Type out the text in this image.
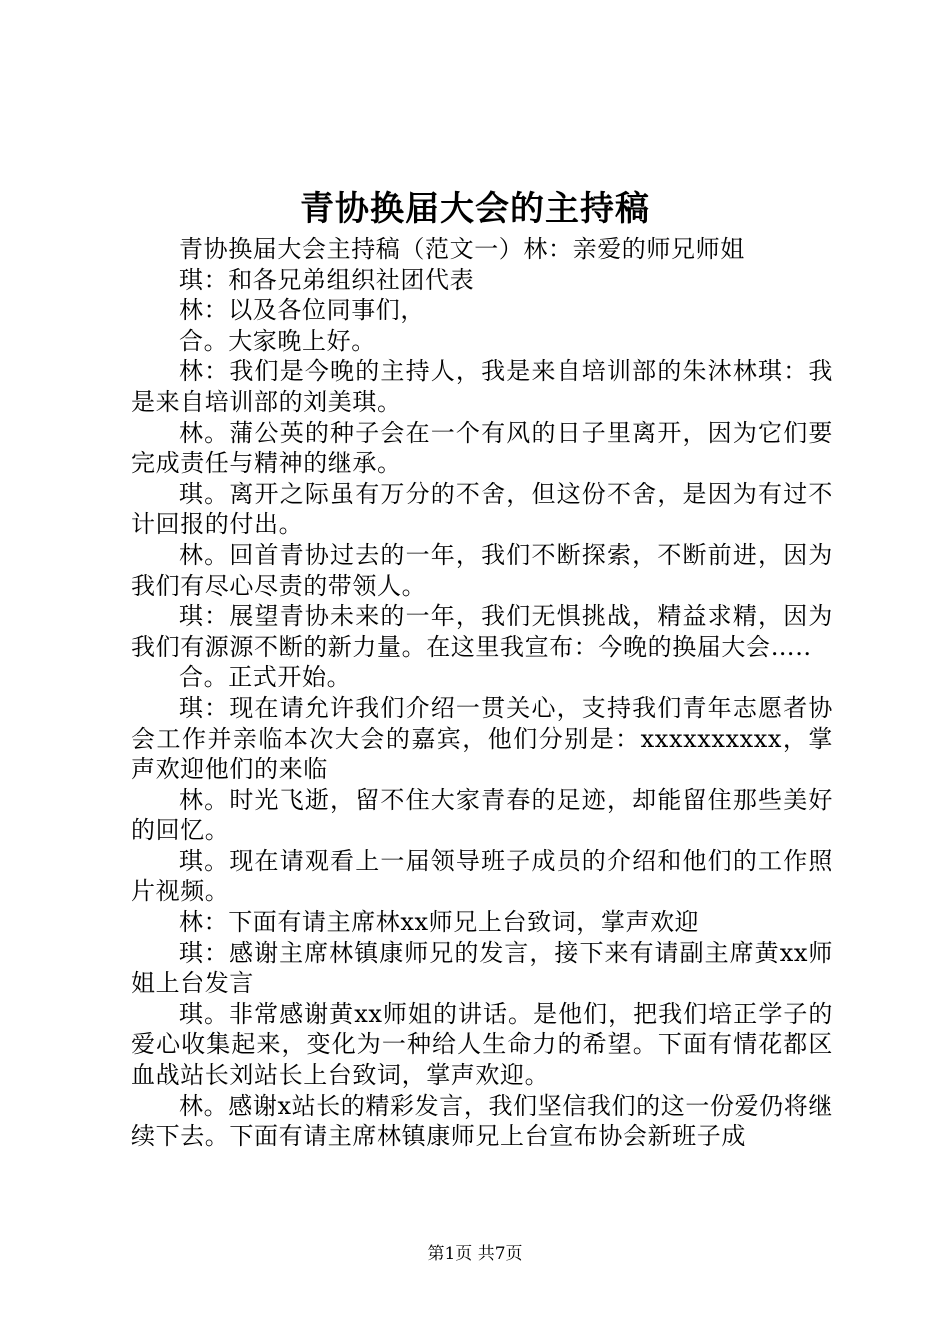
青协换届大会的主持稿

青协换届大会主持稿（范文一）林：亲爱的师兄师姐

琪：和各兄弟组织社团代表

林：以及各位同事们，

合。大家晚上好。

林：我们是今晚的主持人，我是来自培训部的朱沐林琪：我是来自培训部的刘美琪。

林。蒲公英的种子会在一个有风的日子里离开，因为它们要完成责任与精神的继承。

琪。离开之际虽有万分的不舍，但这份不舍，是因为有过不计回报的付出。

林。回首青协过去的一年，我们不断探索，不断前进，因为我们有尽心尽责的带领人。

琪：展望青协未来的一年，我们无惧挑战，精益求精，因为我们有源源不断的新力量。在这里我宣布：今晚的换届大会…..

合。正式开始。

琪：现在请允许我们介绍一贯关心，支持我们青年志愿者协会工作并亲临本次大会的嘉宾，他们分别是：xxxxxxxxxx，掌声欢迎他们的来临

林。时光飞逝，留不住大家青春的足迹，却能留住那些美好的回忆。

琪。现在请观看上一届领导班子成员的介绍和他们的工作照片视频。

林：下面有请主席林xx师兄上台致词，掌声欢迎

琪：感谢主席林镇康师兄的发言，接下来有请副主席黄xx师姐上台发言

琪。非常感谢黄xx师姐的讲话。是他们，把我们培正学子的爱心收集起来，变化为一种给人生命力的希望。下面有情花都区血战站长刘站长上台致词，掌声欢迎。

林。感谢x站长的精彩发言，我们坚信我们的这一份爱仍将继续下去。下面有请主席林镇康师兄上台宣布协会新班子成

第1页 共7页
